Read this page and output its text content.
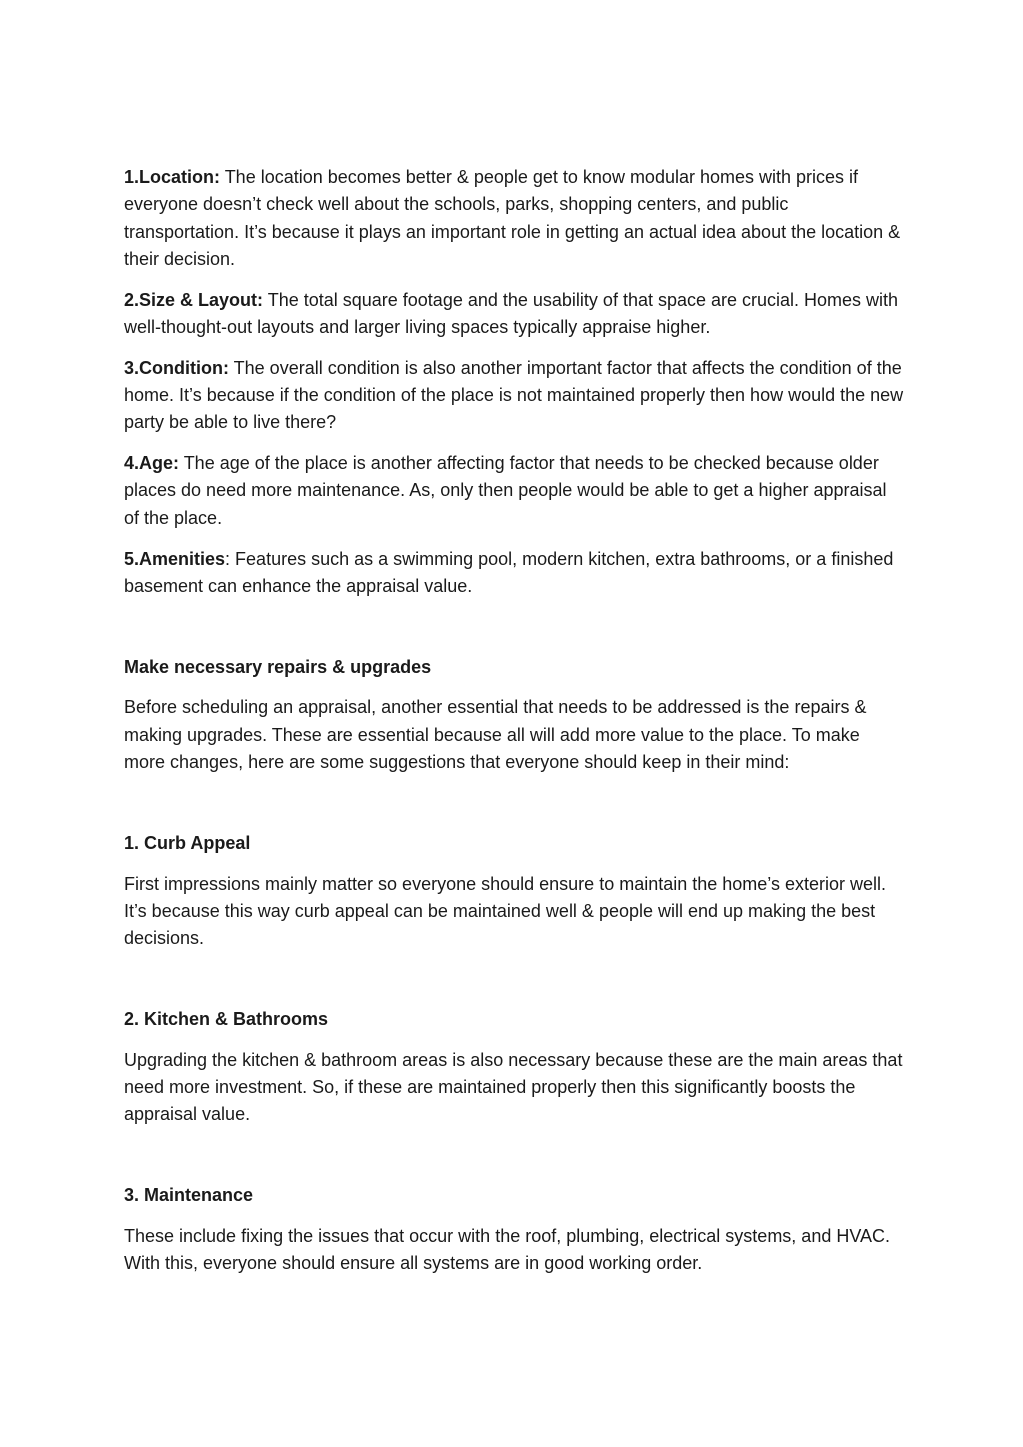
1.Location: The location becomes better & people get to know modular homes with prices if everyone doesn’t check well about the schools, parks, shopping centers, and public transportation. It’s because it plays an important role in getting an actual idea about the location & their decision.

2.Size & Layout: The total square footage and the usability of that space are crucial. Homes with well-thought-out layouts and larger living spaces typically appraise higher.

3.Condition: The overall condition is also another important factor that affects the condition of the home. It’s because if the condition of the place is not maintained properly then how would the new party be able to live there?

4.Age: The age of the place is another affecting factor that needs to be checked because older places do need more maintenance. As, only then people would be able to get a higher appraisal of the place.

5.Amenities: Features such as a swimming pool, modern kitchen, extra bathrooms, or a finished basement can enhance the appraisal value.

Make necessary repairs & upgrades

Before scheduling an appraisal, another essential that needs to be addressed is the repairs & making upgrades. These are essential because all will add more value to the place. To make more changes, here are some suggestions that everyone should keep in their mind:

1. Curb Appeal

First impressions mainly matter so everyone should ensure to maintain the home’s exterior well. It’s because this way curb appeal can be maintained well & people will end up making the best decisions.

2. Kitchen & Bathrooms

Upgrading the kitchen & bathroom areas is also necessary because these are the main areas that need more investment. So, if these are maintained properly then this significantly boosts the appraisal value.

3. Maintenance

These include fixing the issues that occur with the roof, plumbing, electrical systems, and HVAC. With this, everyone should ensure all systems are in good working order.
